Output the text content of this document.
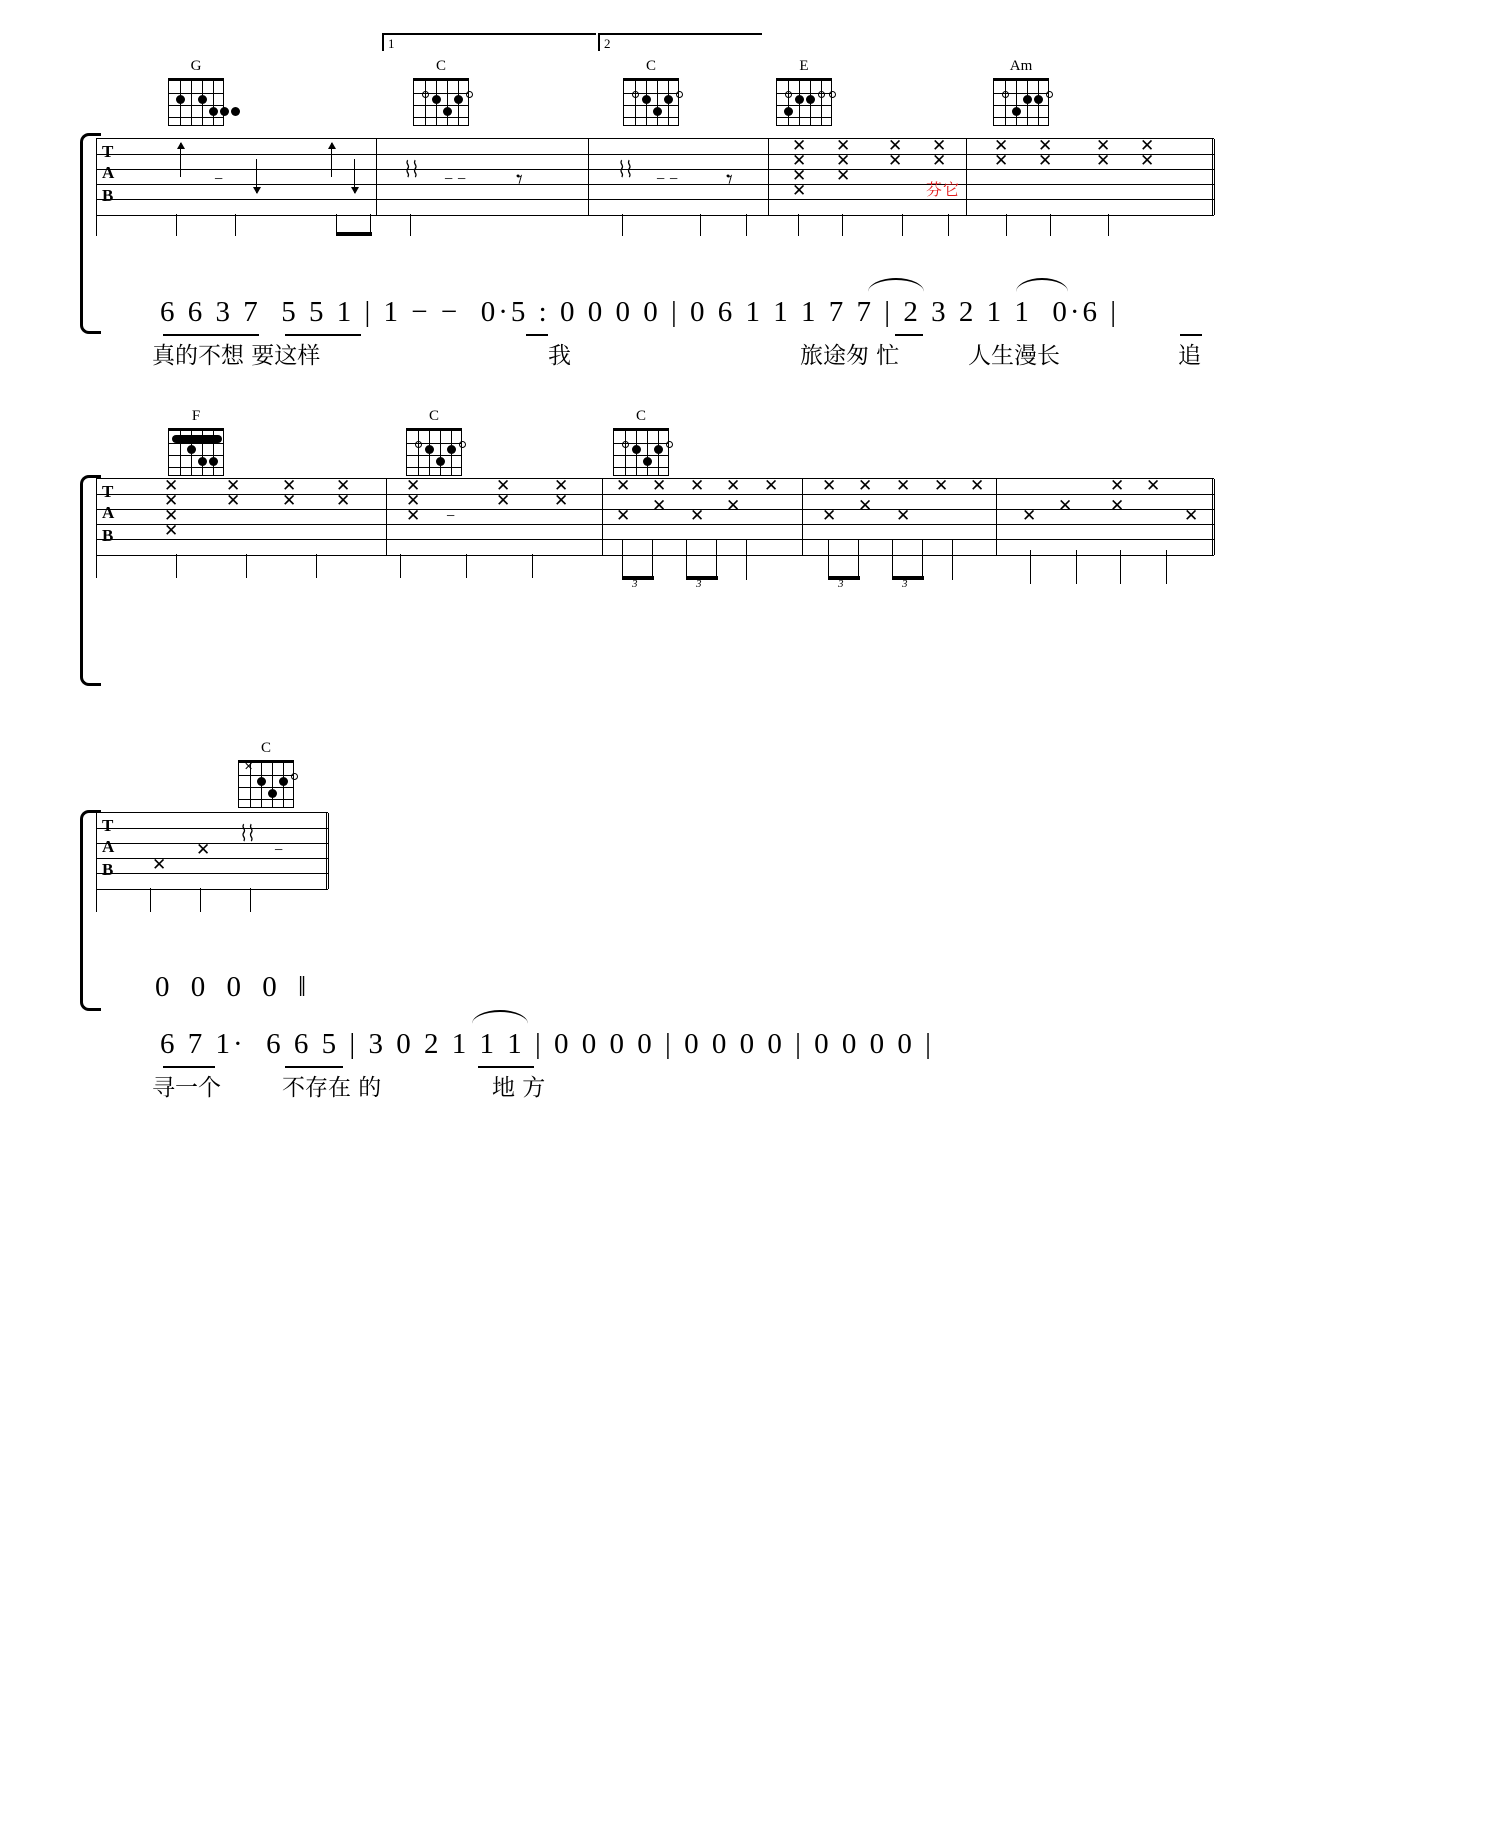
1	2
G	C	C	E	Am
T
A
B
−	⌇⌇ − − 𝄾	⌇⌇ − − 𝄾
✕
✕
✕
✕
✕
✕
✕
✕
✕
✕
✕
✕
✕
✕
✕
✕
✕
✕
✕
6 6 3 7  5 5 1 | 1 − −  0·5 : 0 0 0 0 | 0 6 1 1 1 7 7 | 2 3 2 1 1  0·6 |
真的不想 要这样	我	旅途匆 忙	人生漫长	追
芬它
F	C	C
T
A
B
✕
✕
✕
✕
✕
✕
✕
✕
✕
✕
✕
✕
✕ −
✕
✕
✕
✕
✕
✕
✕
✕
✕
✕
✕
✕
✕	✕
✕
✕
✕
✕
✕
✕ ✕
✕
✕
✕
✕
✕
✕
3	3	3	3
6 7 1·  6 6 5 | 3 0 2 1 1 1 | 0 0 0 0 | 0 0 0 0 | 0 0 0 0 |
寻一个	不存在 的	地 方
C
✕
T
A
B ✕
✕
⌇⌇
−
0 0 0 0 ‖
